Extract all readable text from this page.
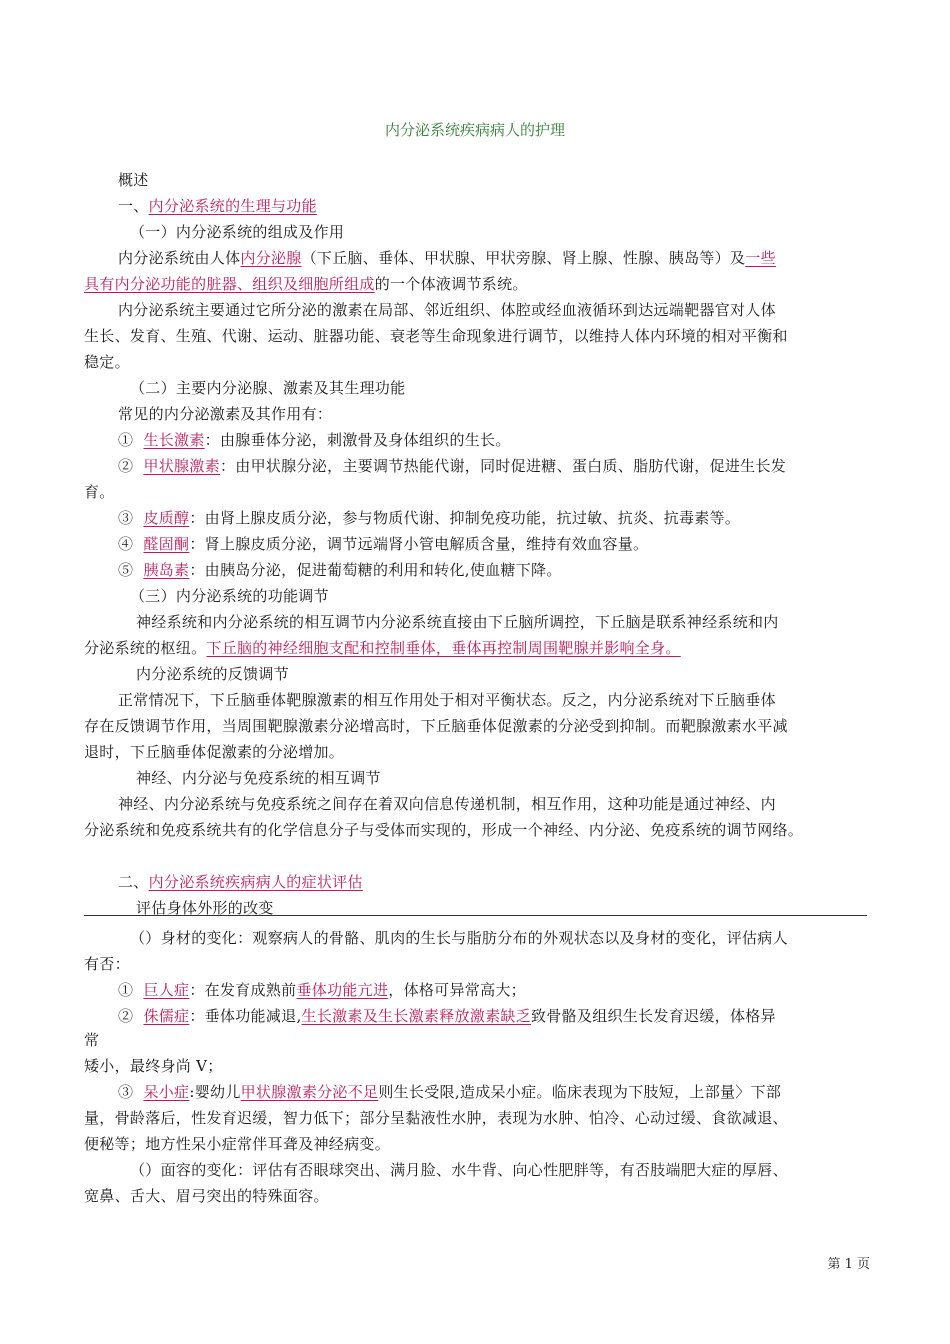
内分泌系统疾病病人的护理
概述
一、内分泌系统的生理与功能
（一）内分泌系统的组成及作用
内分泌系统由人体内分泌腺（下丘脑、垂体、甲状腺、甲状旁腺、肾上腺、性腺、胰岛等）及一些
具有内分泌功能的脏器、组织及细胞所组成的一个体液调节系统。
内分泌系统主要通过它所分泌的激素在局部、邻近组织、体腔或经血液循环到达远端靶器官对人体
生长、发育、生殖、代谢、运动、脏器功能、衰老等生命现象进行调节，以维持人体内环境的相对平衡和
稳定。
（二）主要内分泌腺、激素及其生理功能
常见的内分泌激素及其作用有：
① 生长激素：由腺垂体分泌，刺激骨及身体组织的生长。
② 甲状腺激素：由甲状腺分泌，主要调节热能代谢，同时促进糖、蛋白质、脂肪代谢，促进生长发
育。
③ 皮质醇：由肾上腺皮质分泌，参与物质代谢、抑制免疫功能，抗过敏、抗炎、抗毒素等。
④ 醛固酮：肾上腺皮质分泌，调节远端肾小管电解质含量，维持有效血容量。
⑤ 胰岛素：由胰岛分泌，促进葡萄糖的利用和转化,使血糖下降。
（三）内分泌系统的功能调节
神经系统和内分泌系统的相互调节内分泌系统直接由下丘脑所调控，下丘脑是联系神经系统和内
分泌系统的枢纽。下丘脑的神经细胞支配和控制垂体，垂体再控制周围靶腺并影响全身。
内分泌系统的反馈调节
正常情况下，下丘脑垂体靶腺激素的相互作用处于相对平衡状态。反之，内分泌系统对下丘脑垂体
存在反馈调节作用，当周围靶腺激素分泌增高时，下丘脑垂体促激素的分泌受到抑制。而靶腺激素水平减
退时，下丘脑垂体促激素的分泌增加。
神经、内分泌与免疫系统的相互调节
神经、内分泌系统与免疫系统之间存在着双向信息传递机制，相互作用，这种功能是通过神经、内
分泌系统和免疫系统共有的化学信息分子与受体而实现的，形成一个神经、内分泌、免疫系统的调节网络。
二、内分泌系统疾病病人的症状评估
评估身体外形的改变
（）身材的变化：观察病人的骨骼、肌肉的生长与脂肪分布的外观状态以及身材的变化，评估病人
有否：
① 巨人症：在发育成熟前垂体功能亢进，体格可异常高大；
② 侏儒症：垂体功能减退,生长激素及生长激素释放激素缺乏致骨骼及组织生长发育迟缓，体格异
常
矮小，最终身尚 V；
③ 呆小症:婴幼儿甲状腺激素分泌不足则生长受限,造成呆小症。临床表现为下肢短，上部量〉下部
量，骨龄落后，性发育迟缓，智力低下；部分呈黏液性水肿，表现为水肿、怕冷、心动过缓、食欲减退、
便秘等；地方性呆小症常伴耳聋及神经病变。
（）面容的变化：评估有否眼球突出、满月脸、水牛背、向心性肥胖等，有否肢端肥大症的厚唇、
宽鼻、舌大、眉弓突出的特殊面容。
第 1 页
